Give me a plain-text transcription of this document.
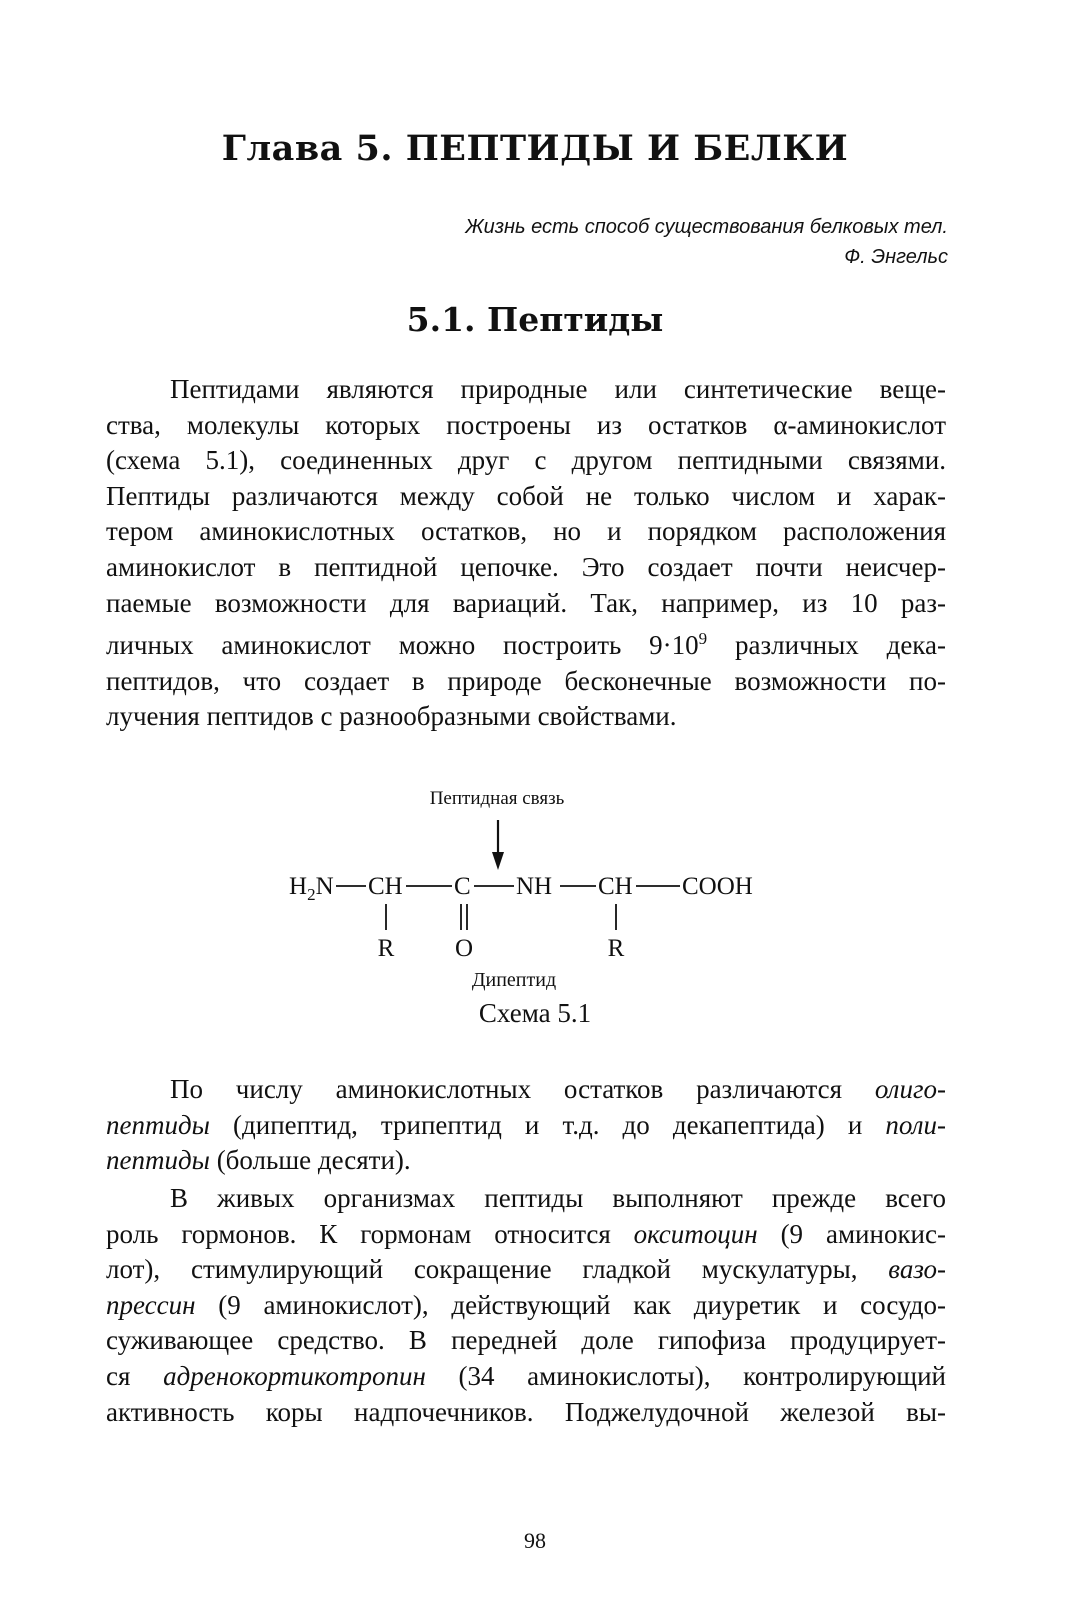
Глава 5. ПЕПТИДЫ И БЕЛКИ
Жизнь есть способ существования белковых тел.
Ф. Энгельс
5.1. Пептиды
Пептидами являются природные или синтетические веще-
ства, молекулы которых построены из остатков α-аминокислот
(схема 5.1), соединенных друг с другом пептидными связями.
Пептиды различаются между собой не только числом и харак-
тером аминокислотных остатков, но и порядком расположения
аминокислот в пептидной цепочке. Это создает почти неисчер-
паемые возможности для вариаций. Так, например, из 10 раз-
личных аминокислот можно построить $9\cdot 10^9$ различных дека-
пептидов, что создает в природе бесконечные возможности по-
лучения пептидов с разнообразными свойствами.
Пептидная связь
$H_2N$ CH C NH CH COOH
R O	R
Дипептид
Схема 5.1
По числу аминокислотных остатков различаются олиго-
пептиды (дипептид, трипептид и т.д. до декапептида) и поли-
пептиды (больше десяти).
В живых организмах пептиды выполняют прежде всего
роль гормонов. К гормонам относится окситоцин (9 аминокис-
лот), стимулирующий сокращение гладкой мускулатуры, вазо-
прессин (9 аминокислот), действующий как диуретик и сосудо-
суживающее средство. В передней доле гипофиза продуцирует-
ся адренокортикотропин (34 аминокислоты), контролирующий
активность коры надпочечников. Поджелудочной железой вы-
98
